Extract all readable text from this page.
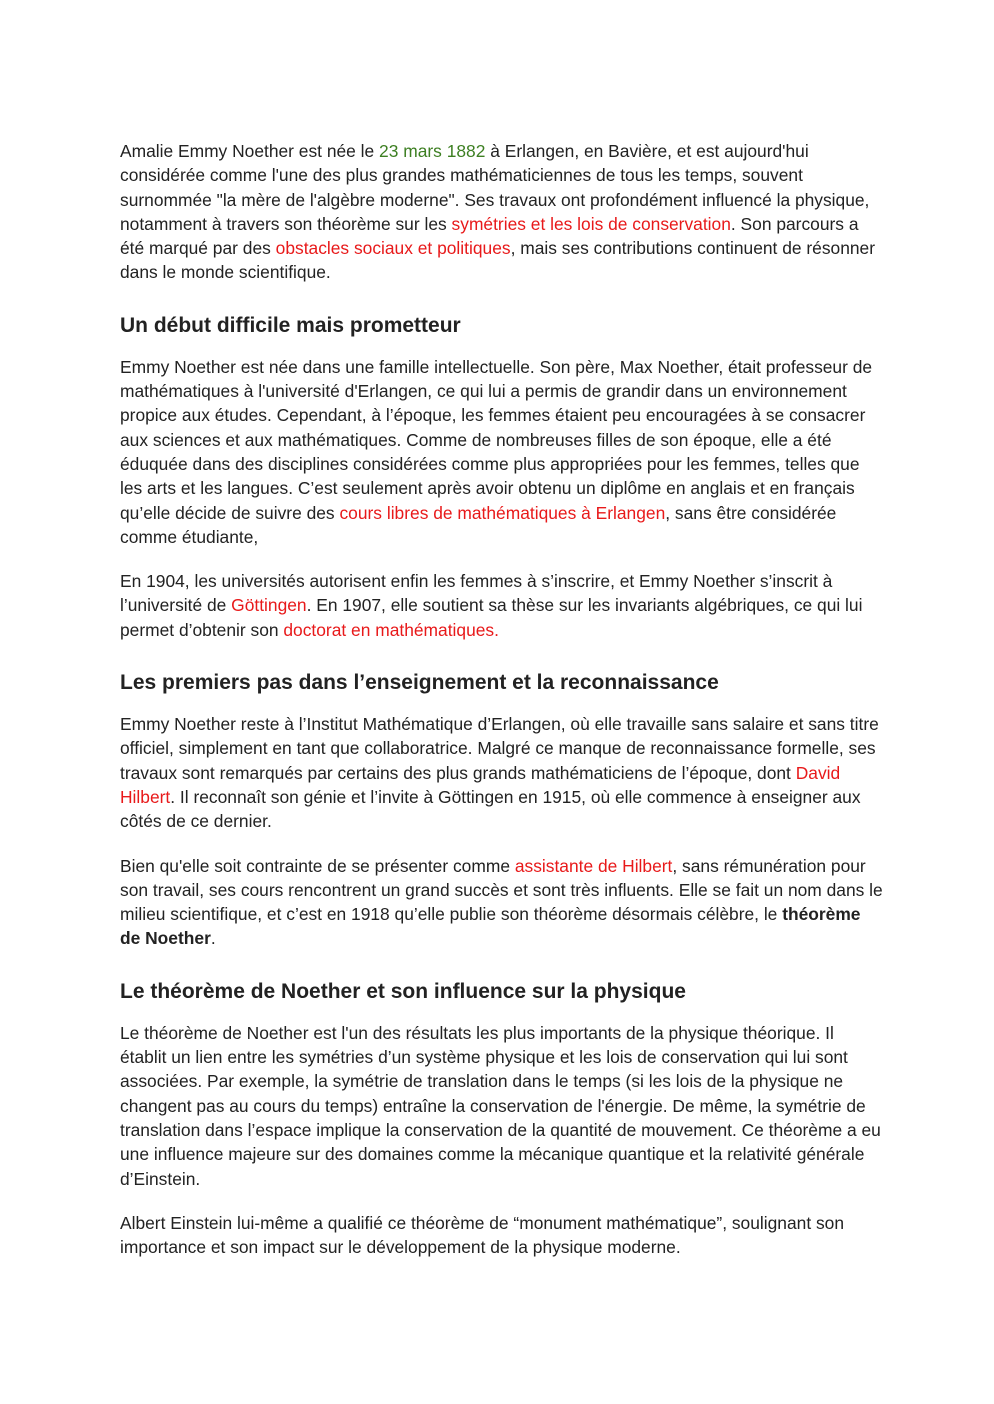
Amalie Emmy Noether est née le 23 mars 1882 à Erlangen, en Bavière, et est aujourd'hui considérée comme l'une des plus grandes mathématiciennes de tous les temps, souvent surnommée "la mère de l'algèbre moderne". Ses travaux ont profondément influencé la physique, notamment à travers son théorème sur les symétries et les lois de conservation. Son parcours a été marqué par des obstacles sociaux et politiques, mais ses contributions continuent de résonner dans le monde scientifique.

Un début difficile mais prometteur

Emmy Noether est née dans une famille intellectuelle. Son père, Max Noether, était professeur de mathématiques à l'université d'Erlangen, ce qui lui a permis de grandir dans un environnement propice aux études. Cependant, à l’époque, les femmes étaient peu encouragées à se consacrer aux sciences et aux mathématiques. Comme de nombreuses filles de son époque, elle a été éduquée dans des disciplines considérées comme plus appropriées pour les femmes, telles que les arts et les langues. C’est seulement après avoir obtenu un diplôme en anglais et en français qu’elle décide de suivre des cours libres de mathématiques à Erlangen, sans être considérée comme étudiante,

En 1904, les universités autorisent enfin les femmes à s’inscrire, et Emmy Noether s’inscrit à l’université de Göttingen. En 1907, elle soutient sa thèse sur les invariants algébriques, ce qui lui permet d’obtenir son doctorat en mathématiques.

Les premiers pas dans l’enseignement et la reconnaissance

Emmy Noether reste à l’Institut Mathématique d’Erlangen, où elle travaille sans salaire et sans titre officiel, simplement en tant que collaboratrice. Malgré ce manque de reconnaissance formelle, ses travaux sont remarqués par certains des plus grands mathématiciens de l’époque, dont David Hilbert. Il reconnaît son génie et l’invite à Göttingen en 1915, où elle commence à enseigner aux côtés de ce dernier.

Bien qu'elle soit contrainte de se présenter comme assistante de Hilbert, sans rémunération pour son travail, ses cours rencontrent un grand succès et sont très influents. Elle se fait un nom dans le milieu scientifique, et c’est en 1918 qu’elle publie son théorème désormais célèbre, le théorème de Noether.

Le théorème de Noether et son influence sur la physique

Le théorème de Noether est l'un des résultats les plus importants de la physique théorique. Il établit un lien entre les symétries d’un système physique et les lois de conservation qui lui sont associées. Par exemple, la symétrie de translation dans le temps (si les lois de la physique ne changent pas au cours du temps) entraîne la conservation de l'énergie. De même, la symétrie de translation dans l’espace implique la conservation de la quantité de mouvement. Ce théorème a eu une influence majeure sur des domaines comme la mécanique quantique et la relativité générale d’Einstein.

Albert Einstein lui-même a qualifié ce théorème de “monument mathématique”, soulignant son importance et son impact sur le développement de la physique moderne.
